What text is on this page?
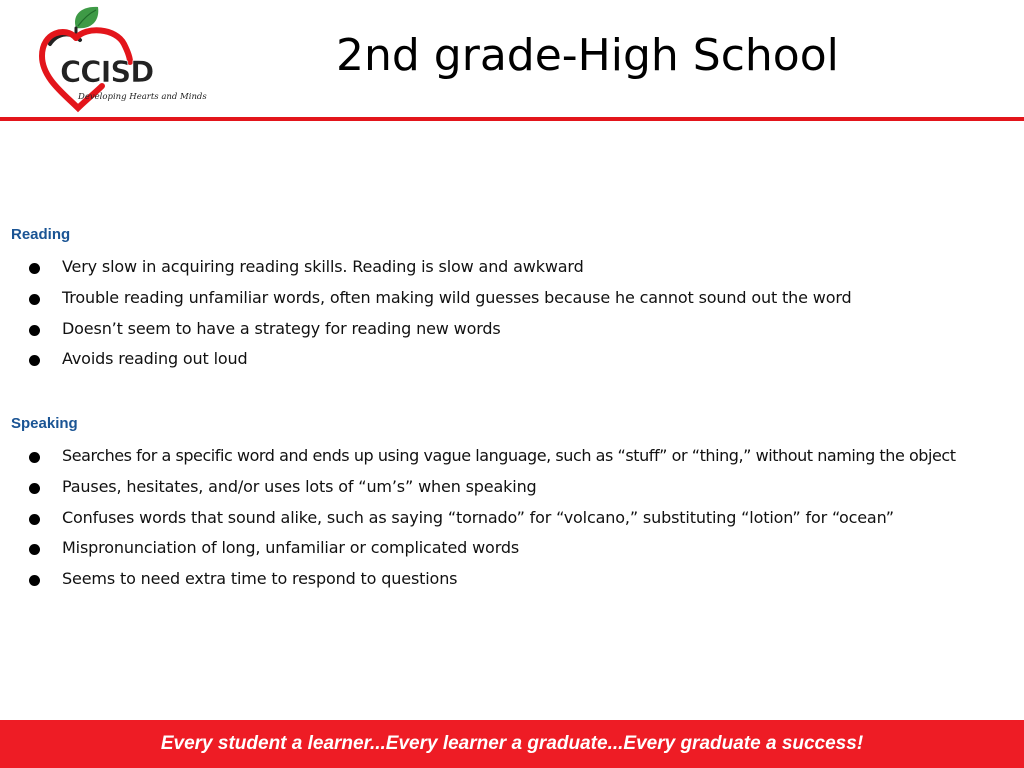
CCISD
Developing Hearts and Minds
2nd grade-High School
Reading
Very slow in acquiring reading skills. Reading is slow and awkward
Trouble reading unfamiliar words, often making wild guesses because he cannot sound out the word
Doesn’t seem to have a strategy for reading new words
Avoids reading out loud
Speaking
Searches for a specific word and ends up using vague language, such as “stuff” or “thing,” without naming the object
Pauses, hesitates, and/or uses lots of “um’s” when speaking
Confuses words that sound alike, such as saying “tornado” for “volcano,” substituting “lotion” for “ocean”
Mispronunciation of long, unfamiliar or complicated words
Seems to need extra time to respond to questions
Every student a learner...Every learner a graduate...Every graduate a success!
